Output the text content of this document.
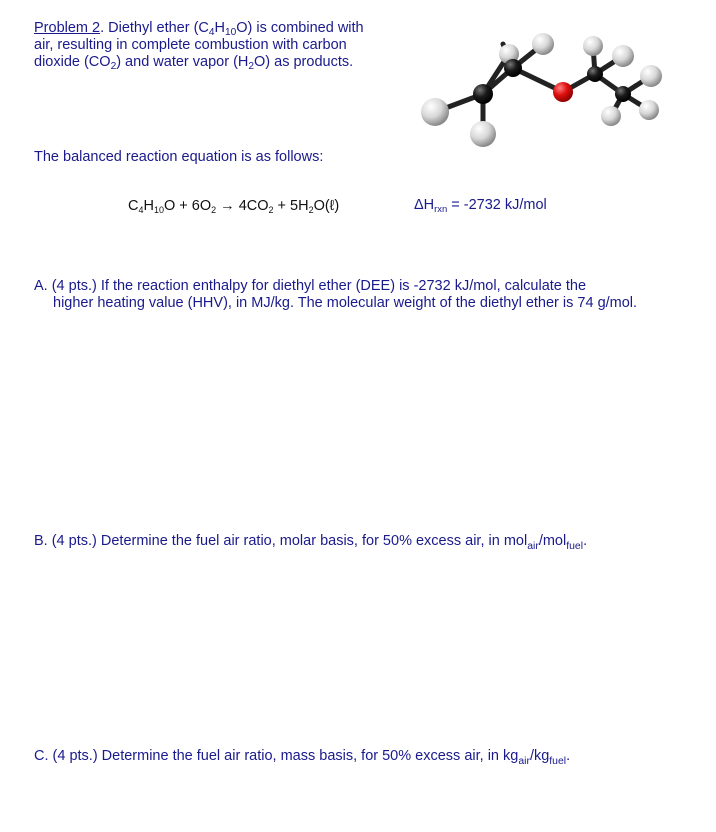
Problem 2. Diethyl ether $(C_4H_{10}O)$ is combined with
air, resulting in complete combustion with carbon
dioxide $(CO_2)$ and water vapor $(H_2O)$ as products.
The balanced reaction equation is as follows:
$C_4H_{10}O + 6O_2 \to 4CO_2$ + $5H_2O(\ell)$	$\Delta H_{rxn} = -2732$ kJ/mol
A. (4 pts.) If the reaction enthalpy for diethyl ether (DEE) is -2732 kJ/mol, calculate the
higher heating value (HHV), in MJ/kg. The molecular weight of the diethyl ether is 74 g/mol.
B. (4 pts.) Determine the fuel air ratio, molar basis, for 50% excess air, in mol$_{air}$/mol$_{fuel}$.
C. (4 pts.) Determine the fuel air ratio, mass basis, for 50% excess air, in $kg_{air}/kg_{fuel}$.
